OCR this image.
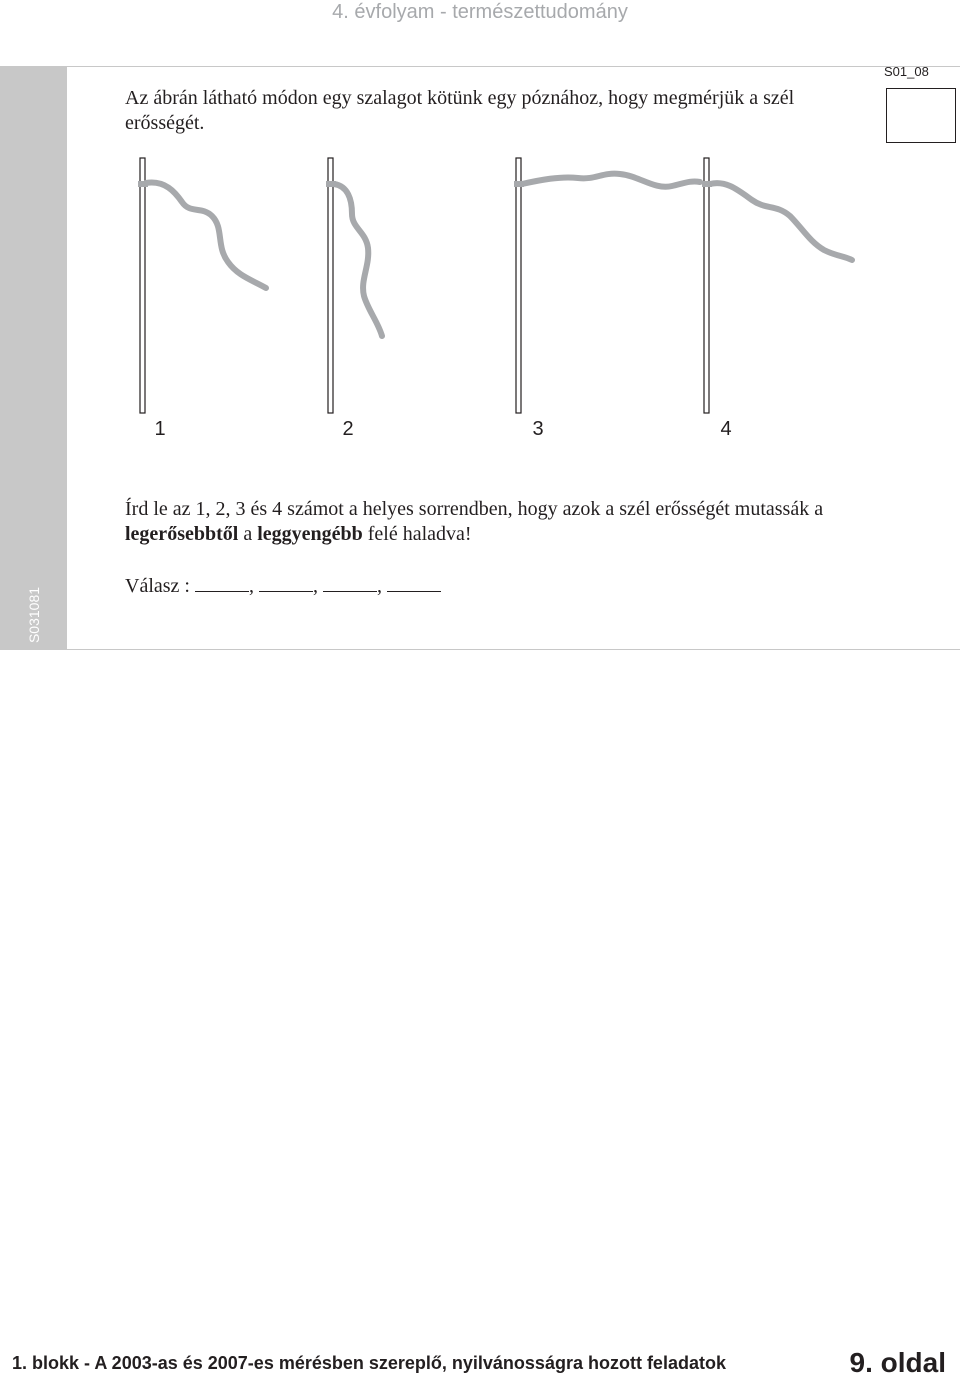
4. évfolyam - természettudomány
S031081
S01_08

Az ábrán látható módon egy szalagot kötünk egy póznához, hogy megmérjük a szél erősségét.

1	2	3	4

Írd le az 1, 2, 3 és 4 számot a helyes sorrendben, hogy azok a szél erősségét mutassák a legerősebbtől a leggyengébb felé haladva!

Válasz :	,	,	,
1. blokk - A 2003-as és 2007-es mérésben szereplő, nyilvánosságra hozott feladatok	9. oldal
